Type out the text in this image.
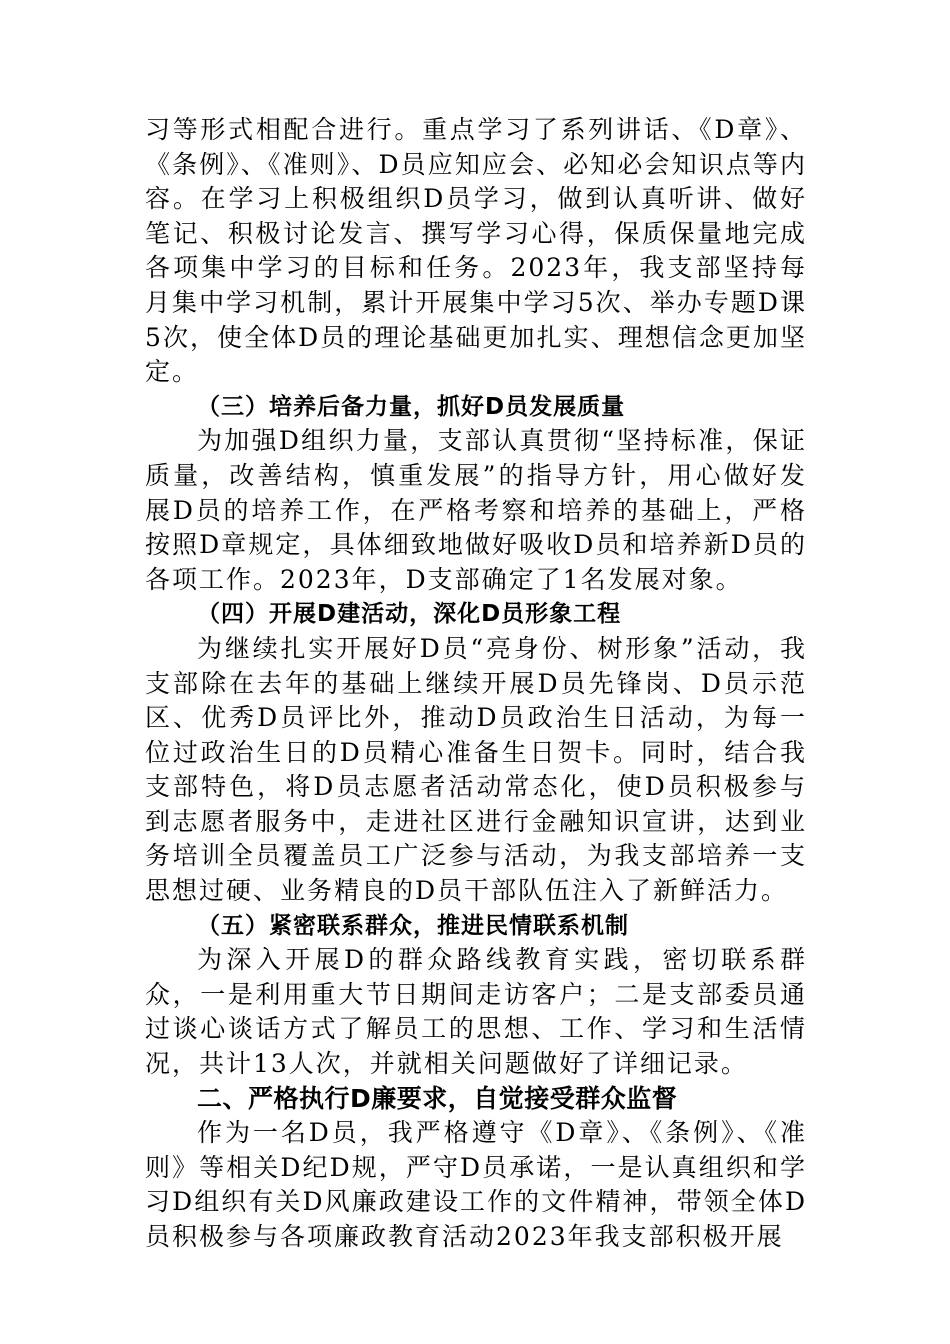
习等形式相配合进行。重点学习了系列讲话、《D章》、《条例》、《准则》、D员应知应会、必知必会知识点等内容。在学习上积极组织D员学习，做到认真听讲、做好笔记、积极讨论发言、撰写学习心得，保质保量地完成各项集中学习的目标和任务。2023年，我支部坚持每月集中学习机制，累计开展集中学习5次、举办专题D课5次，使全体D员的理论基础更加扎实、理想信念更加坚定。

（三）培养后备力量，抓好D员发展质量

为加强D组织力量，支部认真贯彻“坚持标准，保证质量，改善结构，慎重发展”的指导方针，用心做好发展D员的培养工作，在严格考察和培养的基础上，严格按照D章规定，具体细致地做好吸收D员和培养新D员的各项工作。2023年，D支部确定了1名发展对象。

（四）开展D建活动，深化D员形象工程

为继续扎实开展好D员“亮身份、树形象”活动，我支部除在去年的基础上继续开展D员先锋岗、D员示范区、优秀D员评比外，推动D员政治生日活动，为每一位过政治生日的D员精心准备生日贺卡。同时，结合我支部特色，将D员志愿者活动常态化，使D员积极参与到志愿者服务中，走进社区进行金融知识宣讲，达到业务培训全员覆盖员工广泛参与活动，为我支部培养一支思想过硬、业务精良的D员干部队伍注入了新鲜活力。

（五）紧密联系群众，推进民情联系机制

为深入开展D的群众路线教育实践，密切联系群众，一是利用重大节日期间走访客户；二是支部委员通过谈心谈话方式了解员工的思想、工作、学习和生活情况，共计13人次，并就相关问题做好了详细记录。

二、严格执行D廉要求，自觉接受群众监督

作为一名D员，我严格遵守《D章》、《条例》、《准则》等相关D纪D规，严守D员承诺，一是认真组织和学习D组织有关D风廉政建设工作的文件精神，带领全体D员积极参与各项廉政教育活动2023年我支部积极开展
